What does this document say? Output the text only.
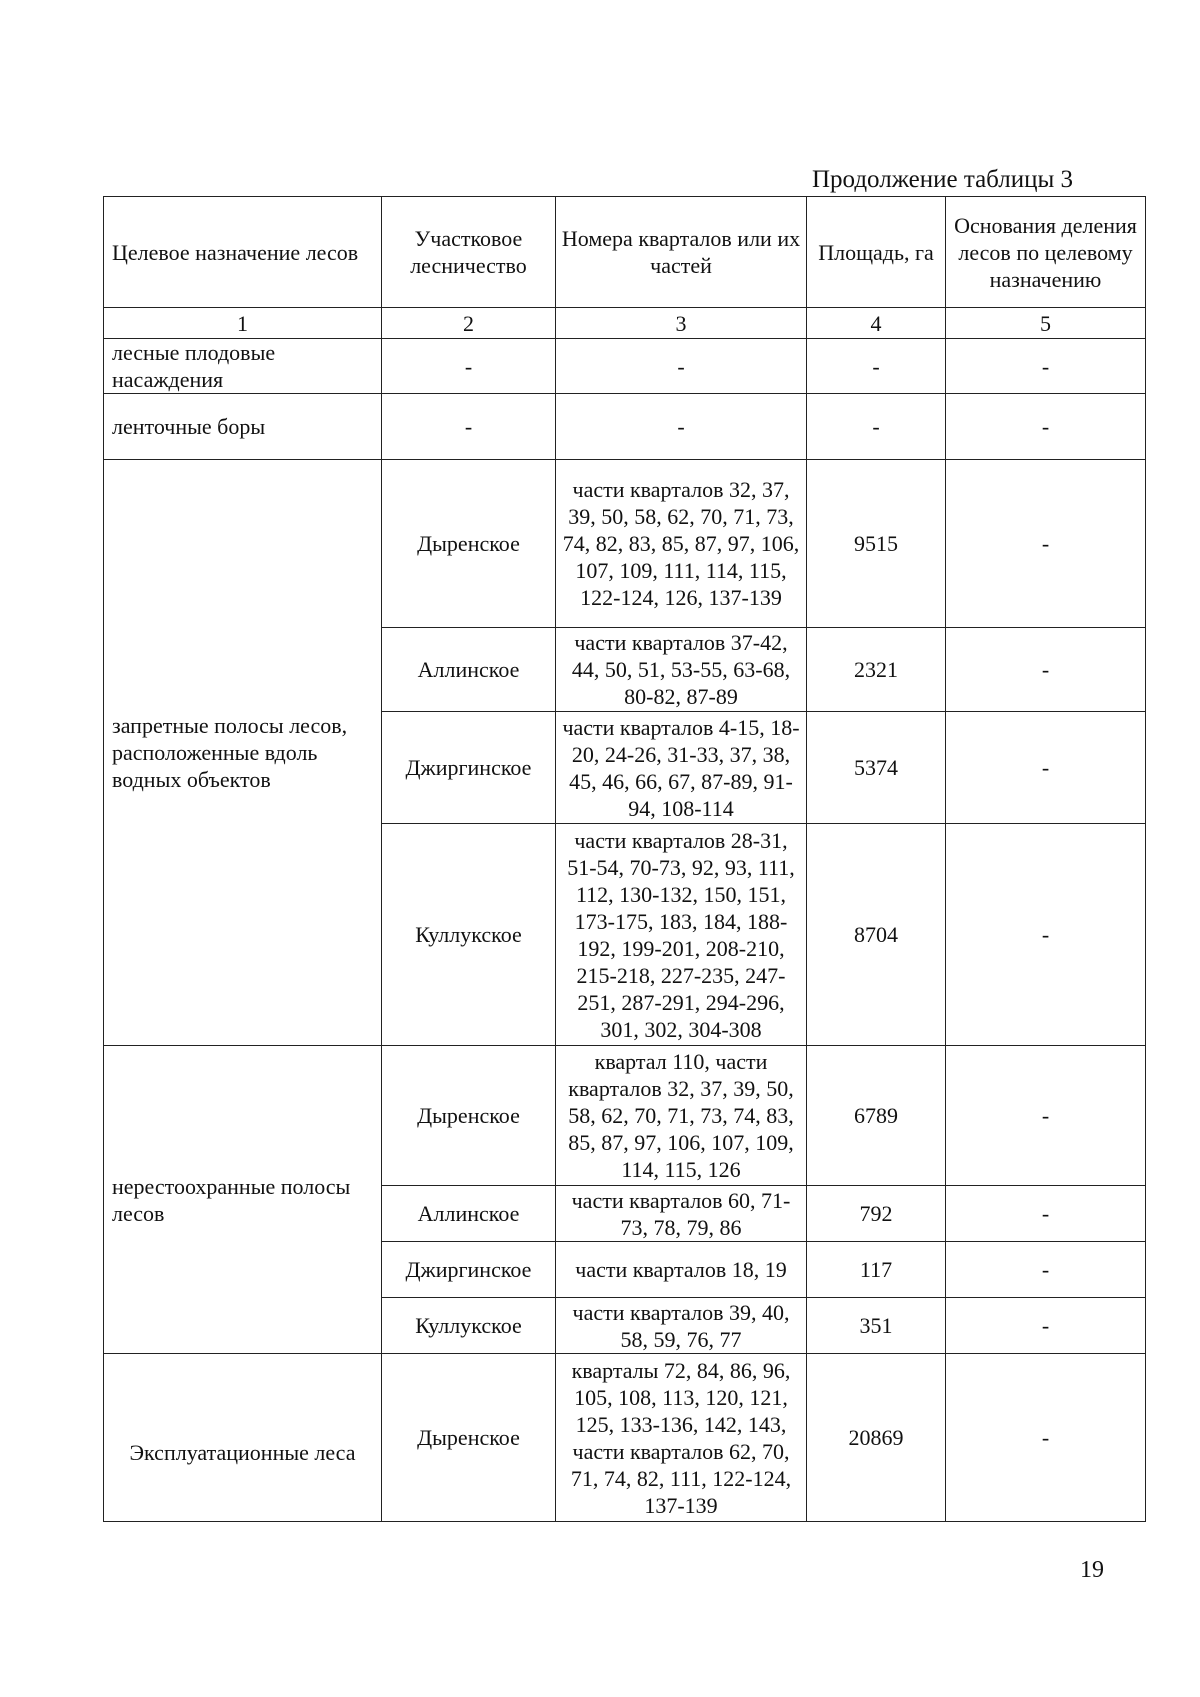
Продолжение таблицы 3
Целевое назначение лесов	Участковое лесничество	Номера кварталов или их частей	Площадь, га	Основания деления лесов по целевому назначению
1	2	3	4	5
лесные плодовые насаждения	-	-	-	-
ленточные боры	-	-	-	-
запретные полосы лесов, расположенные вдоль водных объектов	Дыренское	части кварталов 32, 37, 39, 50, 58, 62, 70, 71, 73, 74, 82, 83, 85, 87, 97, 106, 107, 109, 111, 114, 115, 122-124, 126, 137-139	9515	-
	Аллинское	части кварталов 37-42, 44, 50, 51, 53-55, 63-68, 80-82, 87-89	2321	-
	Джиргинское	части кварталов 4-15, 18-20, 24-26, 31-33, 37, 38, 45, 46, 66, 67, 87-89, 91-94, 108-114	5374	-
	Куллукское	части кварталов 28-31, 51-54, 70-73, 92, 93, 111, 112, 130-132, 150, 151, 173-175, 183, 184, 188-192, 199-201, 208-210, 215-218, 227-235, 247-251, 287-291, 294-296, 301, 302, 304-308	8704	-
нерестоохранные полосы лесов	Дыренское	квартал 110, части кварталов 32, 37, 39, 50, 58, 62, 70, 71, 73, 74, 83, 85, 87, 97, 106, 107, 109, 114, 115, 126	6789	-
	Аллинское	части кварталов 60, 71-73, 78, 79, 86	792	-
	Джиргинское	части кварталов 18, 19	117	-
	Куллукское	части кварталов 39, 40, 58, 59, 76, 77	351	-

Эксплуатационные леса	Дыренское	кварталы 72, 84, 86, 96, 105, 108, 113, 120, 121, 125, 133-136, 142, 143, части кварталов 62, 70, 71, 74, 82, 111, 122-124, 137-139	20869	-
19
